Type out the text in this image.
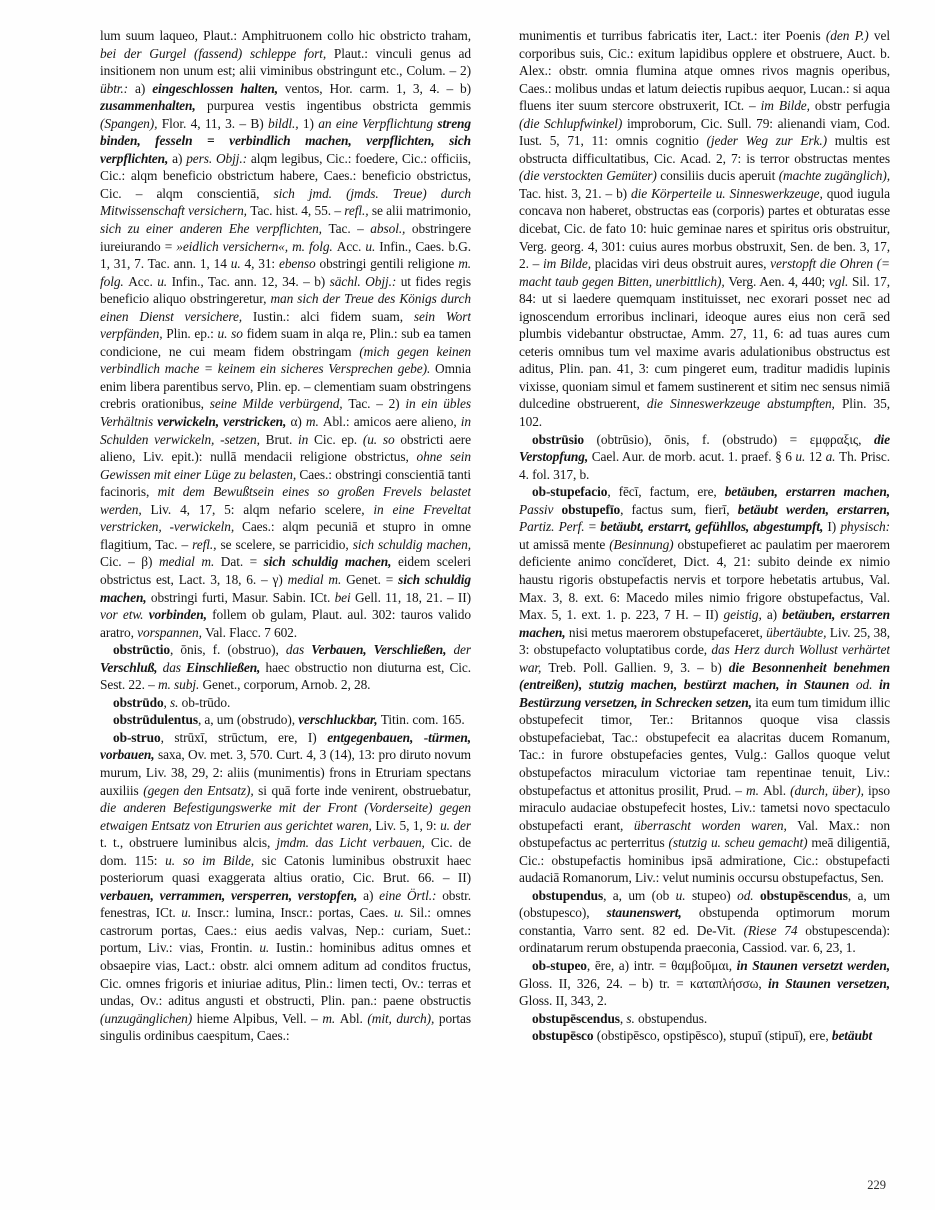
lum suum laqueo, Plaut.: Amphitruonem collo hic obstricto traham, bei der Gurgel (fassend) schleppe fort, Plaut.: vinculi genus ad insitionem non unum est; alii viminibus obstringunt etc., Colum. – 2) übtr.: a) eingeschlossen halten, ventos, Hor. carm. 1, 3, 4. – b) zusammenhalten, purpurea vestis ingentibus obstricta gemmis (Spangen), Flor. 4, 11, 3. – B) bildl., 1) an eine Verpflichtung streng binden, fesseln = verbindlich machen, verpflichten, sich verpflichten, a) pers. Objj.: alqm legibus, Cic.: foedere, Cic.: officiis, Cic.: alqm beneficio obstrictum habere, Caes.: beneficio obstrictus, Cic. – alqm conscientiā, sich jmd. (jmds. Treue) durch Mitwissenschaft versichern, Tac. hist. 4, 55. – refl., se alii matrimonio, sich zu einer anderen Ehe verpflichten, Tac. – absol., obstringere iureiurando = »eidlich versichern«, m. folg. Acc. u. Infin., Caes. b.G. 1, 31, 7. Tac. ann. 1, 14 u. 4, 31: ebenso obstringi gentili religione m. folg. Acc. u. Infin., Tac. ann. 12, 34. – b) sächl. Objj.: ut fides regis beneficio aliquo obstringeretur, man sich der Treue des Königs durch einen Dienst versichere, Iustin.: alci fidem suam, sein Wort verpfänden, Plin. ep.: u. so fidem suam in alqa re, Plin.: sub ea tamen condicione, ne cui meam fidem obstringam (mich gegen keinen verbindlich mache = keinem ein sicheres Versprechen gebe). Omnia enim libera parentibus servo, Plin. ep. – clementiam suam obstringens crebris orationibus, seine Milde verbürgend, Tac. – 2) in ein übles Verhältnis verwickeln, verstricken, α) m. Abl.: amicos aere alieno, in Schulden verwickeln, -setzen, Brut. in Cic. ep. (u. so obstricti aere alieno, Liv. epit.): nullā mendacii religione obstrictus, ohne sein Gewissen mit einer Lüge zu belasten, Caes.: obstringi conscientiā tanti facinoris, mit dem Bewußtsein eines so großen Frevels belastet werden, Liv. 4, 17, 5: alqm nefario scelere, in eine Freveltat verstricken, -verwickeln, Caes.: alqm pecuniā et stupro in omne flagitium, Tac. – refl., se scelere, se parricidio, sich schuldig machen, Cic. – β) medial m. Dat. = sich schuldig machen, eidem sceleri obstrictus est, Lact. 3, 18, 6. – γ) medial m. Genet. = sich schuldig machen, obstringi furti, Masur. Sabin. ICt. bei Gell. 11, 18, 21. – II) vor etw. vorbinden, follem ob gulam, Plaut. aul. 302: tauros valido aratro, vorspannen, Val. Flacc. 7 602.

obstrūctio, ōnis, f. (obstruo), das Verbauen, Verschließen, der Verschluß, das Einschließen, haec obstructio non diuturna est, Cic. Sest. 22. – m. subj. Genet., corporum, Arnob. 2, 28.

obstrūdo, s. ob-trūdo.

obstrūdulentus, a, um (obstrudo), verschluckbar, Titin. com. 165.

ob-struo, strūxī, strūctum, ere, I) entgegenbauen, -türmen, vorbauen, saxa, Ov. met. 3, 570. Curt. 4, 3 (14), 13: pro diruto novum murum, Liv. 38, 29, 2: aliis (munimentis) frons in Etruriam spectans auxiliis (gegen den Entsatz), si quā forte inde venirent, obstruebatur, die anderen Befestigungswerke mit der Front (Vorderseite) gegen etwaigen Entsatz von Etrurien aus gerichtet waren, Liv. 5, 1, 9: u. der t. t., obstruere luminibus alcis, jmdm. das Licht verbauen, Cic. de dom. 115: u. so im Bilde, sic Catonis luminibus obstruxit haec posteriorum quasi exaggerata altius oratio, Cic. Brut. 66. – II) verbauen, verrammen, versperren, verstopfen, a) eine Örtl.: obstr. fenestras, ICt. u. Inscr.: lumina, Inscr.: portas, Caes. u. Sil.: omnes castrorum portas, Caes.: eius aedis valvas, Nep.: curiam, Suet.: portum, Liv.: vias, Frontin. u. Iustin.: hominibus aditus omnes et obsaepire vias, Lact.: obstr. alci omnem aditum ad conditos fructus, Cic. omnes frigoris et iniuriae aditus, Plin.: limen tecti, Ov.: terras et undas, Ov.: aditus angusti et obstructi, Plin. pan.: paene obstructis (unzugänglichen) hieme Alpibus, Vell. – m. Abl. (mit, durch), portas singulis ordinibus caespitum, Caes.:

munimentis et turribus fabricatis iter, Lact.: iter Poenis (den P.) vel corporibus suis, Cic.: exitum lapidibus opplere et obstruere, Auct. b. Alex.: obstr. omnia flumina atque omnes rivos magnis operibus, Caes.: molibus undas et latum deiectis rupibus aequor, Lucan.: si aqua fluens iter suum stercore obstruxerit, ICt. – im Bilde, obstr perfugia (die Schlupfwinkel) improborum, Cic. Sull. 79: alienandi viam, Cod. Iust. 5, 71, 11: omnis cognitio (jeder Weg zur Erk.) multis est obstructa difficultatibus, Cic. Acad. 2, 7: is terror obstructas mentes (die verstockten Gemüter) consiliis ducis aperuit (machte zugänglich), Tac. hist. 3, 21. – b) die Körperteile u. Sinneswerkzeuge, quod iugula concava non haberet, obstructas eas (corporis) partes et obturatas esse dicebat, Cic. de fato 10: huic geminae nares et spiritus oris obstruitur, Verg. georg. 4, 301: cuius aures morbus obstruxit, Sen. de ben. 3, 17, 2. – im Bilde, placidas viri deus obstruit aures, verstopft die Ohren (= macht taub gegen Bitten, unerbittlich), Verg. Aen. 4, 440; vgl. Sil. 17, 84: ut si laedere quemquam instituisset, nec exorari posset nec ad ignoscendum erroribus inclinari, ideoque aures eius non cerā sed plumbis videbantur obstructae, Amm. 27, 11, 6: ad tuas aures cum ceteris omnibus tum vel maxime avaris adulationibus obstructus est aditus, Plin. pan. 41, 3: cum pingeret eum, traditur madidis lupinis vixisse, quoniam simul et famem sustinerent et sitim nec sensus nimiā dulcedine obstruerent, die Sinneswerkzeuge abstumpften, Plin. 35, 102.

obstrūsio (obtrūsio), ōnis, f. (obstrudo) = εμφραξις, die Verstopfung, Cael. Aur. de morb. acut. 1. praef. § 6 u. 12 a. Th. Prisc. 4. fol. 317, b.

ob-stupefacio, fēcī, factum, ere, betäuben, erstarren machen, Passiv obstupefīo, factus sum, fierī, betäubt werden, erstarren, Partiz. Perf. = betäubt, erstarrt, gefühllos, abgestumpft, I) physisch: ut amissā mente (Besinnung) obstupefieret ac paulatim per maerorem deficiente animo concĭderet, Dict. 4, 21: subito deinde ex nimio haustu rigoris obstupefactis nervis et torpore hebetatis artubus, Val. Max. 3, 8. ext. 6: Macedo miles nimio frigore obstupefactus, Val. Max. 5, 1. ext. 1. p. 223, 7 H. – II) geistig, a) betäuben, erstarren machen, nisi metus maerorem obstupefaceret, übertäubte, Liv. 25, 38, 3: obstupefacto voluptatibus corde, das Herz durch Wollust verhärtet war, Treb. Poll. Gallien. 9, 3. – b) die Besonnenheit benehmen (entreißen), stutzig machen, bestürzt machen, in Staunen od. in Bestürzung versetzen, in Schrecken setzen, ita eum tum timidum illic obstupefecit timor, Ter.: Britannos quoque visa classis obstupefaciebat, Tac.: obstupefecit ea alacritas ducem Romanum, Tac.: in furore obstupefacies gentes, Vulg.: Gallos quoque velut obstupefactos miraculum victoriae tam repentinae tenuit, Liv.: obstupefactus et attonitus prosilit, Prud. – m. Abl. (durch, über), ipso miraculo audaciae obstupefecit hostes, Liv.: tametsi novo spectaculo obstupefacti erant, überrascht worden waren, Val. Max.: non obstupefactus ac perterritus (stutzig u. scheu gemacht) meā diligentiā, Cic.: obstupefactis hominibus ipsā admiratione, Cic.: obstupefacti audaciā Romanorum, Liv.: velut numinis occursu obstupefactus, Sen.

obstupendus, a, um (ob u. stupeo) od. obstupēscendus, a, um (obstupesco), staunenswert, obstupenda optimorum morum constantia, Varro sent. 82 ed. De-Vit. (Riese 74 obstupescenda): ordinatarum rerum obstupenda praeconia, Cassiod. var. 6, 23, 1.

ob-stupeo, ēre, a) intr. = θαμβοῦμαι, in Staunen versetzt werden, Gloss. II, 326, 24. – b) tr. = καταπλήσσω, in Staunen versetzen, Gloss. II, 343, 2.

obstupēscendus, s. obstupendus.

obstupēsco (obstipēsco, opstipēsco), stupuī (stipuī), ere, betäubt

229
